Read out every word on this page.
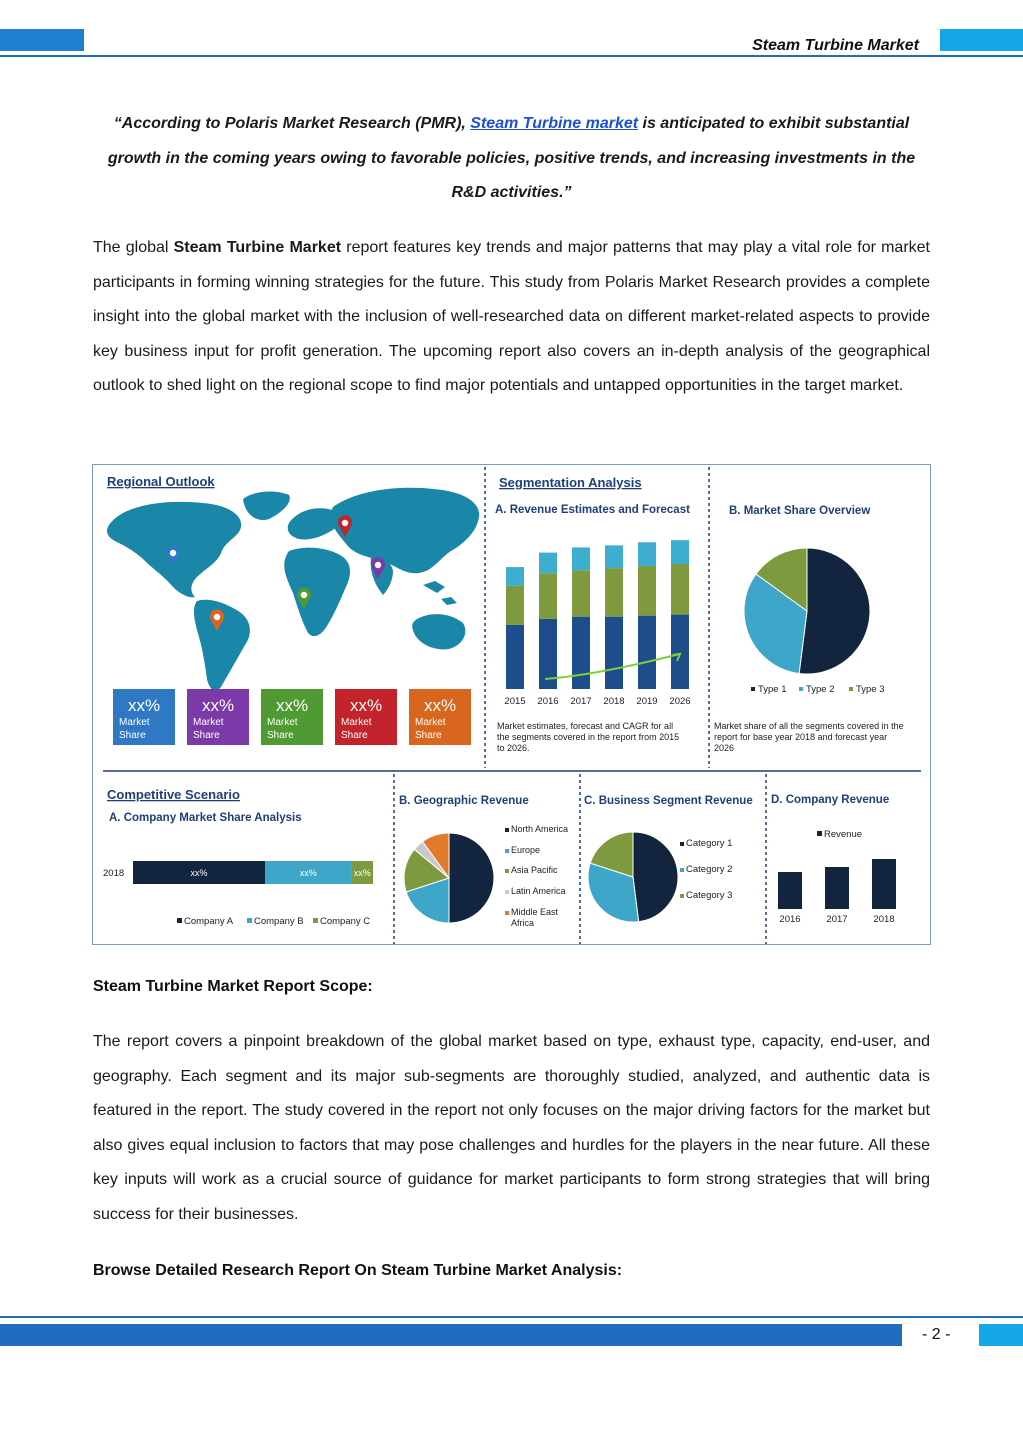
Steam Turbine Market
“According to Polaris Market Research (PMR), Steam Turbine market is anticipated to exhibit substantial growth in the coming years owing to favorable policies, positive trends, and increasing investments in the R&D activities.”
The global Steam Turbine Market report features key trends and major patterns that may play a vital role for market participants in forming winning strategies for the future. This study from Polaris Market Research provides a complete insight into the global market with the inclusion of well-researched data on different market-related aspects to provide key business input for profit generation. The upcoming report also covers an in-depth analysis of the geographical outlook to shed light on the regional scope to find major potentials and untapped opportunities in the target market.
Regional Outlook
xx%
Market
Share
xx%
Market
Share
xx%
Market
Share
xx%
Market
Share
xx%
Market
Share
Segmentation Analysis
A. Revenue Estimates and Forecast
2015 2016 2017 2018 2019 2026
Market estimates, forecast and CAGR for all the segments covered in the report from 2015 to 2026.
B. Market Share Overview
Type 1 Type 2 Type 3
Market share of all the segments covered in the report for base year 2018 and forecast year 2026
Competitive Scenario
A. Company Market Share Analysis
2018	xx%	xx%	xx%
Company A Company B Company C
B. Geographic Revenue
North America
Europe
Asia Pacific
Latin America
Middle East
Africa
C. Business Segment Revenue
Category 1
Category 2
Category 3
D. Company Revenue
Revenue
2016	2017	2018
Steam Turbine Market Report Scope:
The report covers a pinpoint breakdown of the global market based on type, exhaust type, capacity, end-user, and geography. Each segment and its major sub-segments are thoroughly studied, analyzed, and authentic data is featured in the report. The study covered in the report not only focuses on the major driving factors for the market but also gives equal inclusion to factors that may pose challenges and hurdles for the players in the near future. All these key inputs will work as a crucial source of guidance for market participants to form strong strategies that will bring success for their businesses.
Browse Detailed Research Report On Steam Turbine Market Analysis:
- 2 -
